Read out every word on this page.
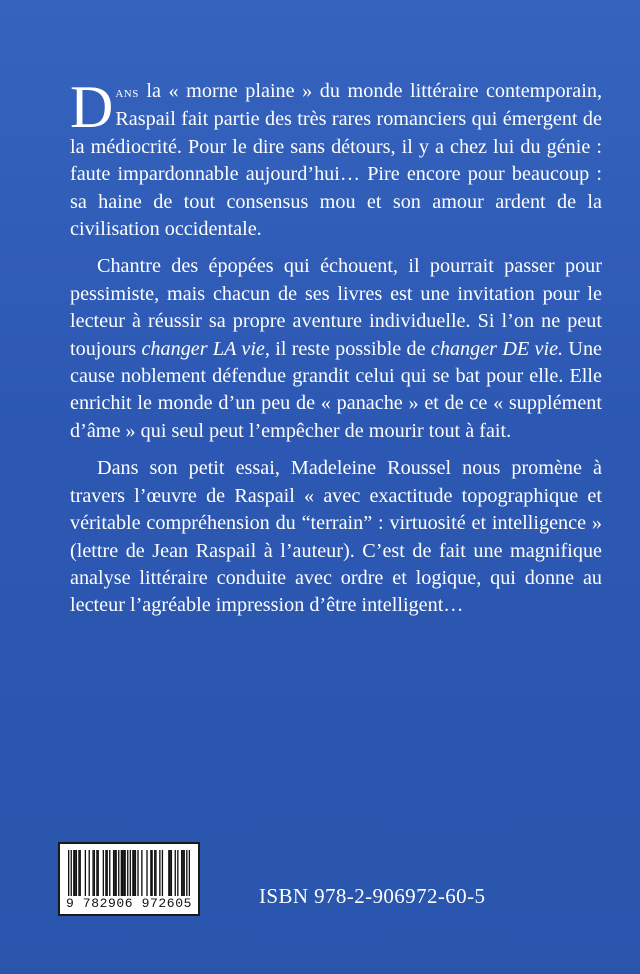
Dans la « morne plaine » du monde littéraire contemporain, Raspail fait partie des très rares romanciers qui émergent de la médiocrité. Pour le dire sans détours, il y a chez lui du génie : faute impardonnable aujourd’hui… Pire encore pour beaucoup : sa haine de tout consensus mou et son amour ardent de la civilisation occidentale.

Chantre des épopées qui échouent, il pourrait passer pour pessimiste, mais chacun de ses livres est une invitation pour le lecteur à réussir sa propre aventure individuelle. Si l’on ne peut toujours changer LA vie, il reste possible de changer DE vie. Une cause noblement défendue grandit celui qui se bat pour elle. Elle enrichit le monde d’un peu de « panache » et de ce « supplément d’âme » qui seul peut l’empêcher de mourir tout à fait.

Dans son petit essai, Madeleine Roussel nous promène à travers l’œuvre de Raspail « avec exactitude topographique et véritable compréhension du “terrain” : virtuosité et intelligence » (lettre de Jean Raspail à l’auteur). C’est de fait une magnifique analyse littéraire conduite avec ordre et logique, qui donne au lecteur l’agréable impression d’être intelligent…

9 782906 972605	ISBN 978-2-906972-60-5
